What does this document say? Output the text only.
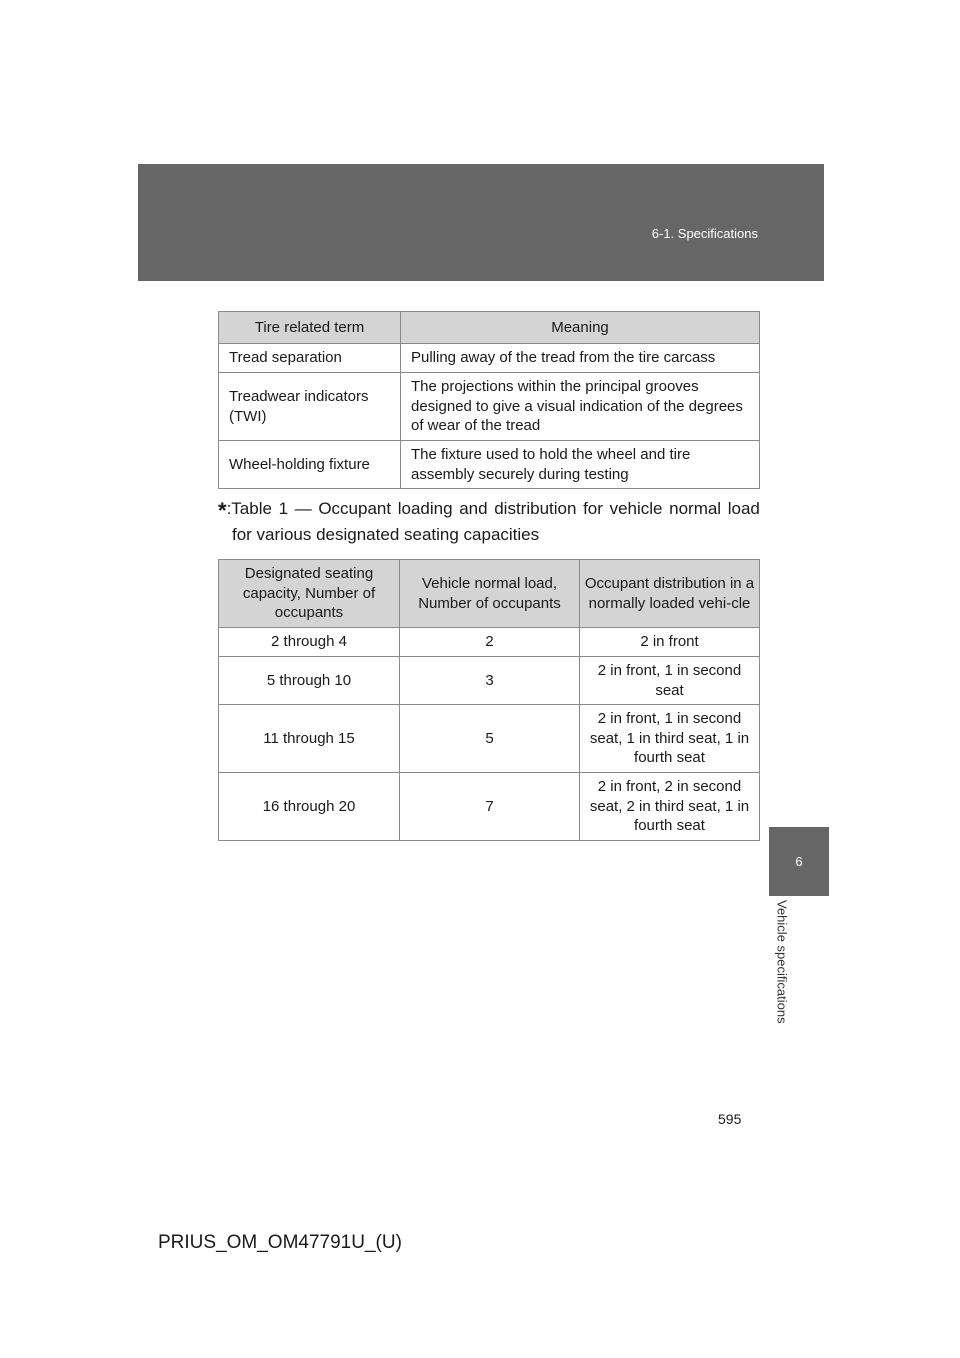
6-1. Specifications
6
Vehicle specifications
Tire related term	Meaning
Tread separation	Pulling away of the tread from the tire carcass
Treadwear indicators (TWI)	The projections within the principal grooves designed to give a visual indication of the degrees of wear of the tread
Wheel-holding fixture	The fixture used to hold the wheel and tire assembly securely during testing
*:Table 1 — Occupant loading and distribution for vehicle normal load
for various designated seating capacities
Designated seating capacity, Number of occupants	Vehicle normal load, Number of occupants	Occupant distribution in a normally loaded vehi-cle
2 through 4	2	2 in front
5 through 10	3	2 in front, 1 in second seat
11 through 15	5	2 in front, 1 in second seat, 1 in third seat, 1 in fourth seat
16 through 20	7	2 in front, 2 in second seat, 2 in third seat, 1 in fourth seat
595
PRIUS_OM_OM47791U_(U)
